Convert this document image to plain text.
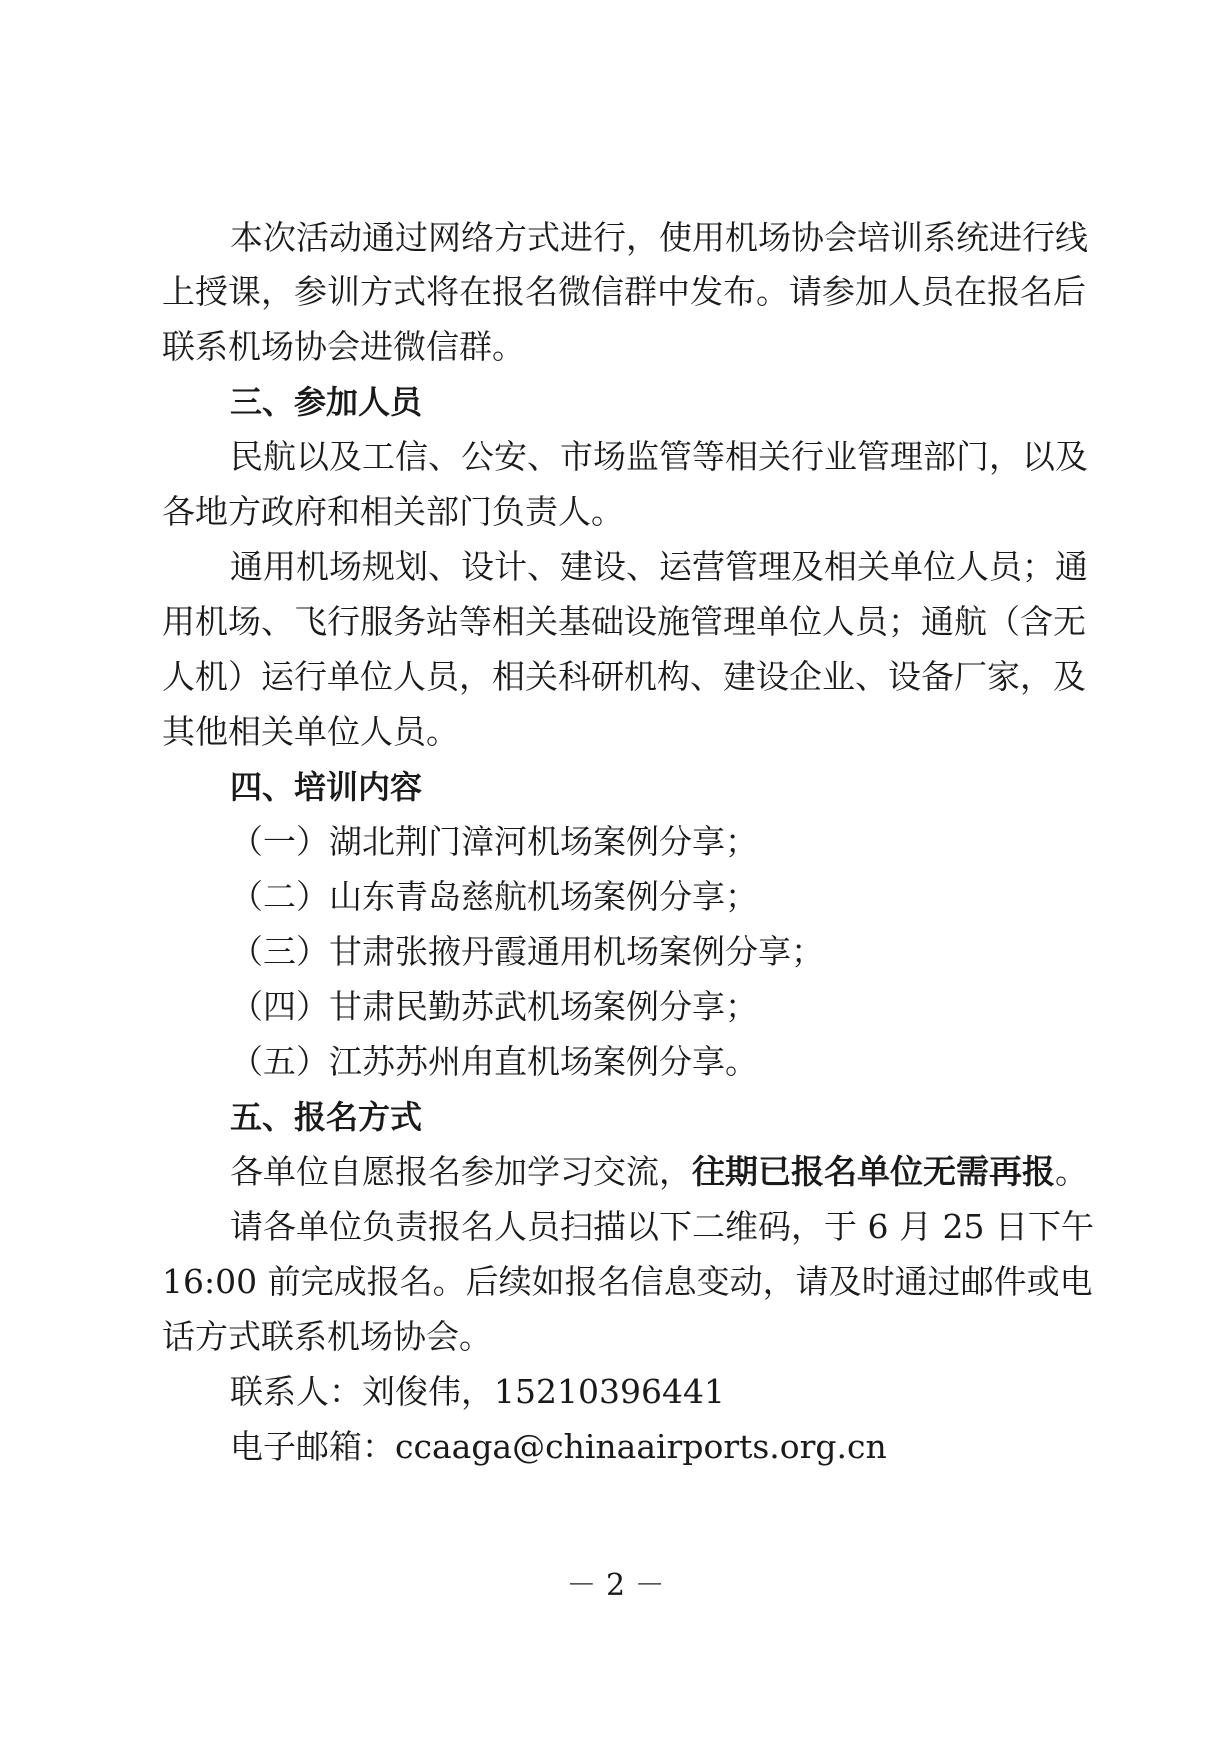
本次活动通过网络方式进行，使用机场协会培训系统进行线
上授课，参训方式将在报名微信群中发布。请参加人员在报名后
联系机场协会进微信群。
三、参加人员
民航以及工信、公安、市场监管等相关行业管理部门，以及
各地方政府和相关部门负责人。
通用机场规划、设计、建设、运营管理及相关单位人员；通
用机场、飞行服务站等相关基础设施管理单位人员；通航（含无
人机）运行单位人员，相关科研机构、建设企业、设备厂家，及
其他相关单位人员。
四、培训内容
（一）湖北荆门漳河机场案例分享；
（二）山东青岛慈航机场案例分享；
（三）甘肃张掖丹霞通用机场案例分享；
（四）甘肃民勤苏武机场案例分享；
（五）江苏苏州甪直机场案例分享。
五、报名方式
各单位自愿报名参加学习交流，往期已报名单位无需再报。
请各单位负责报名人员扫描以下二维码，于 6 月 25 日下午
16:00 前完成报名。后续如报名信息变动，请及时通过邮件或电
话方式联系机场协会。
联系人：刘俊伟，15210396441
电子邮箱：ccaaga@chinaairports.org.cn
－ 2 －
